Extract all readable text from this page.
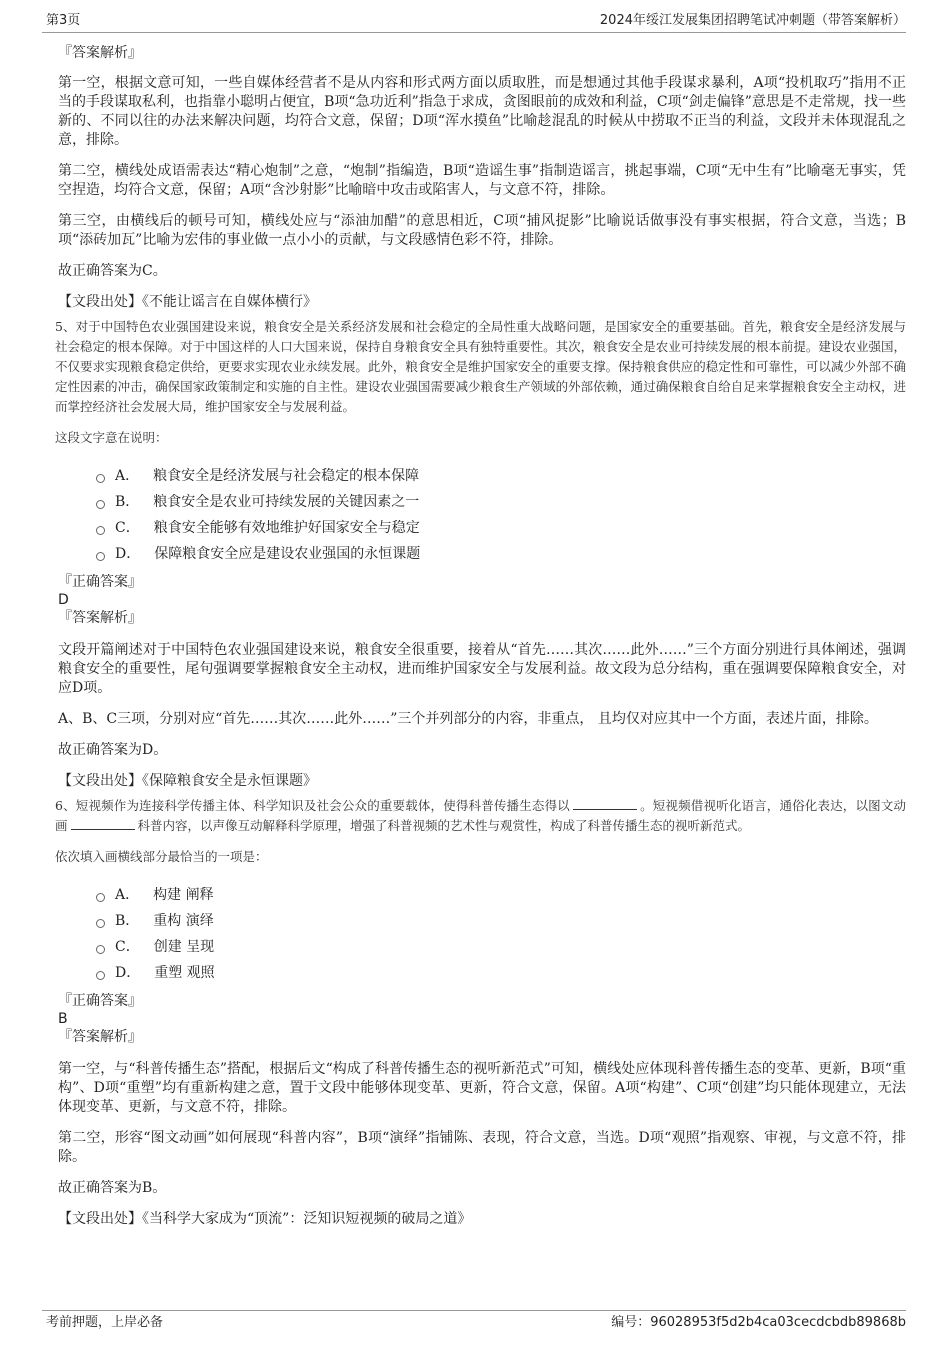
第3页	2024年绥江发展集团招聘笔试冲刺题（带答案解析）
『答案解析』

第一空，根据文意可知，一些自媒体经营者不是从内容和形式两方面以质取胜，而是想通过其他手段谋求暴利，A项“投机取巧”指用不正当的手段谋取私利，也指靠小聪明占便宜，B项“急功近利”指急于求成，贪图眼前的成效和利益，C项“剑走偏锋”意思是不走常规，找一些新的、不同以往的办法来解决问题，均符合文意，保留；D项“浑水摸鱼”比喻趁混乱的时候从中捞取不正当的利益，文段并未体现混乱之意，排除。

第二空，横线处成语需表达“精心炮制”之意，“炮制”指编造，B项“造谣生事”指制造谣言，挑起事端，C项“无中生有”比喻毫无事实，凭空捏造，均符合文意，保留；A项“含沙射影”比喻暗中攻击或陷害人，与文意不符，排除。

第三空，由横线后的顿号可知，横线处应与“添油加醋”的意思相近，C项“捕风捉影”比喻说话做事没有事实根据，符合文意，当选；B项“添砖加瓦”比喻为宏伟的事业做一点小小的贡献，与文段感情色彩不符，排除。

故正确答案为C。

【文段出处】《不能让谣言在自媒体横行》

5、对于中国特色农业强国建设来说，粮食安全是关系经济发展和社会稳定的全局性重大战略问题，是国家安全的重要基础。首先，粮食安全是经济发展与社会稳定的根本保障。对于中国这样的人口大国来说，保持自身粮食安全具有独特重要性。其次，粮食安全是农业可持续发展的根本前提。建设农业强国，不仅要求实现粮食稳定供给，更要求实现农业永续发展。此外，粮食安全是维护国家安全的重要支撑。保持粮食供应的稳定性和可靠性，可以减少外部不确定性因素的冲击，确保国家政策制定和实施的自主性。建设农业强国需要减少粮食生产领域的外部依赖，通过确保粮食自给自足来掌握粮食安全主动权，进而掌控经济社会发展大局，维护国家安全与发展利益。

这段文字意在说明：
A． 粮食安全是经济发展与社会稳定的根本保障
B． 粮食安全是农业可持续发展的关键因素之一
C． 粮食安全能够有效地维护好国家安全与稳定
D． 保障粮食安全应是建设农业强国的永恒课题
『正确答案』
D
『答案解析』

文段开篇阐述对于中国特色农业强国建设来说，粮食安全很重要，接着从“首先……其次……此外……”三个方面分别进行具体阐述，强调粮食安全的重要性，尾句强调要掌握粮食安全主动权，进而维护国家安全与发展利益。故文段为总分结构，重在强调要保障粮食安全，对应D项。

A、B、C三项，分别对应“首先……其次……此外……”三个并列部分的内容，非重点， 且均仅对应其中一个方面，表述片面，排除。

故正确答案为D。

【文段出处】《保障粮食安全是永恒课题》

6、短视频作为连接科学传播主体、科学知识及社会公众的重要载体，使得科普传播生态得以	。短视频借视听化语言，通俗化表达，以图文动画	科普内容，以声像互动解释科学原理，增强了科普视频的艺术性与观赏性，构成了科普传播生态的视听新范式。

依次填入画横线部分最恰当的一项是：
A． 构建 阐释
B． 重构 演绎
C． 创建 呈现
D． 重塑 观照
『正确答案』
B
『答案解析』

第一空，与“科普传播生态”搭配，根据后文“构成了科普传播生态的视听新范式”可知，横线处应体现科普传播生态的变革、更新，B项“重构”、D项“重塑”均有重新构建之意，置于文段中能够体现变革、更新，符合文意，保留。A项“构建”、C项“创建”均只能体现建立，无法体现变革、更新，与文意不符，排除。

第二空，形容“图文动画”如何展现“科普内容”，B项“演绎”指铺陈、表现，符合文意，当选。D项“观照”指观察、审视，与文意不符，排除。

故正确答案为B。

【文段出处】《当科学大家成为“顶流”：泛知识短视频的破局之道》
考前押题，上岸必备	编号：96028953f5d2b4ca03cecdcbdb89868b
